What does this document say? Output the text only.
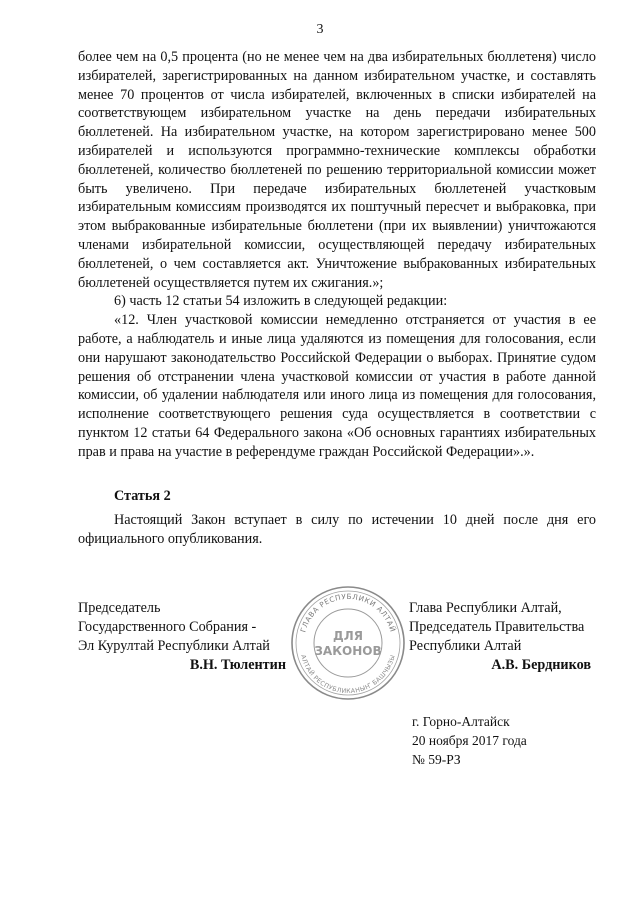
3

более чем на 0,5 процента (но не менее чем на два избирательных бюллетеня) число избирателей, зарегистрированных на данном избирательном участке, и составлять менее 70 процентов от числа избирателей, включенных в списки избирателей на соответствующем избирательном участке на день передачи избирательных бюллетеней. На избирательном участке, на котором зарегистрировано менее 500 избирателей и используются программно-технические комплексы обработки бюллетеней, количество бюллетеней по решению территориальной комиссии может быть увеличено. При передаче избирательных бюллетеней участковым избирательным комиссиям производятся их поштучный пересчет и выбраковка, при этом выбракованные избирательные бюллетени (при их выявлении) уничтожаются членами избирательной комиссии, осуществляющей передачу избирательных бюллетеней, о чем составляется акт. Уничтожение выбракованных избирательных бюллетеней осуществляется путем их сжигания.»;

6) часть 12 статьи 54 изложить в следующей редакции:

«12. Член участковой комиссии немедленно отстраняется от участия в ее работе, а наблюдатель и иные лица удаляются из помещения для голосования, если они нарушают законодательство Российской Федерации о выборах. Принятие судом решения об отстранении члена участковой комиссии от участия в работе данной комиссии, об удалении наблюдателя или иного лица из помещения для голосования, исполнение соответствующего решения суда осуществляется в соответствии с пунктом 12 статьи 64 Федерального закона «Об основных гарантиях избирательных прав и права на участие в референдуме граждан Российской Федерации».».

Статья 2
Настоящий Закон вступает в силу по истечении 10 дней после дня его официального опубликования.
Председатель
Государственного Собрания -
Эл Курултай Республики Алтай
В.Н. Тюлентин
Глава Республики Алтай,
Председатель Правительства
Республики Алтай
А.В. Бердников
ГЛАВА РЕСПУБЛИКИ АЛТАЙ
АЛТАЙ РЕСПУБЛИКАНЫҤ БАШЧЫЗЫ
ДЛЯ
ЗАКОНОВ
г. Горно-Алтайск
20 ноября 2017 года
№ 59-РЗ
